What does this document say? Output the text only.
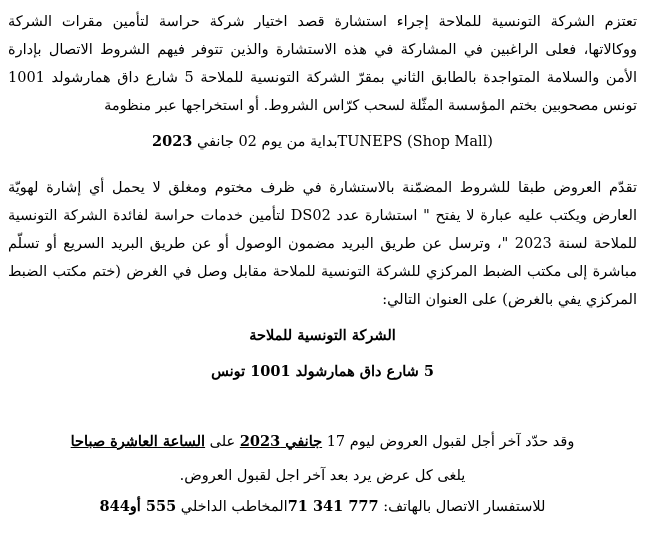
تعتزم الشركة التونسية للملاحة إجراء استشارة قصد اختيار شركة حراسة لتأمين مقرات الشركة
ووكالاتها، فعلى الراغبين في المشاركة في هذه الاستشارة والذين تتوفر فيهم الشروط الاتصال بإدارة
الأمن والسلامة المتواجدة بالطابق الثاني بمقرّ الشركة التونسية للملاحة 5 شارع داق همارشولد 1001
تونس مصحوبين بختم المؤسسة المثّلة لسحب كرّاس الشروط. أو استخراجها عبر منظومة
TUNEPS (Shop Mall)بداية من يوم 02 جانفي 2023
تقدّم العروض طبقا للشروط المضمّنة بالاستشارة في ظرف مختوم ومغلق لا يحمل أي إشارة لهويّة
العارض ويكتب عليه عبارة لا يفتح " استشارة عدد DS02 لتأمين خدمات حراسة لفائدة الشركة التونسية
للملاحة لسنة 2023 "، وترسل عن طريق البريد مضمون الوصول أو عن طريق البريد السريع أو تسلّم
مباشرة إلى مكتب الضبط المركزي للشركة التونسية للملاحة مقابل وصل في الغرض (ختم مكتب الضبط
المركزي يفي بالغرض) على العنوان التالي:
الشركة التونسية للملاحة
5 شارع داق همارشولد 1001 تونس
وقد حدّد آخر أجل لقبول العروض ليوم 17 جانفي 2023 على الساعة العاشرة صباحا
يلغى كل عرض يرد بعد آخر اجل لقبول العروض.
للاستفسار الاتصال بالهاتف: 777 341 71المخاطب الداخلي 555 أو844
